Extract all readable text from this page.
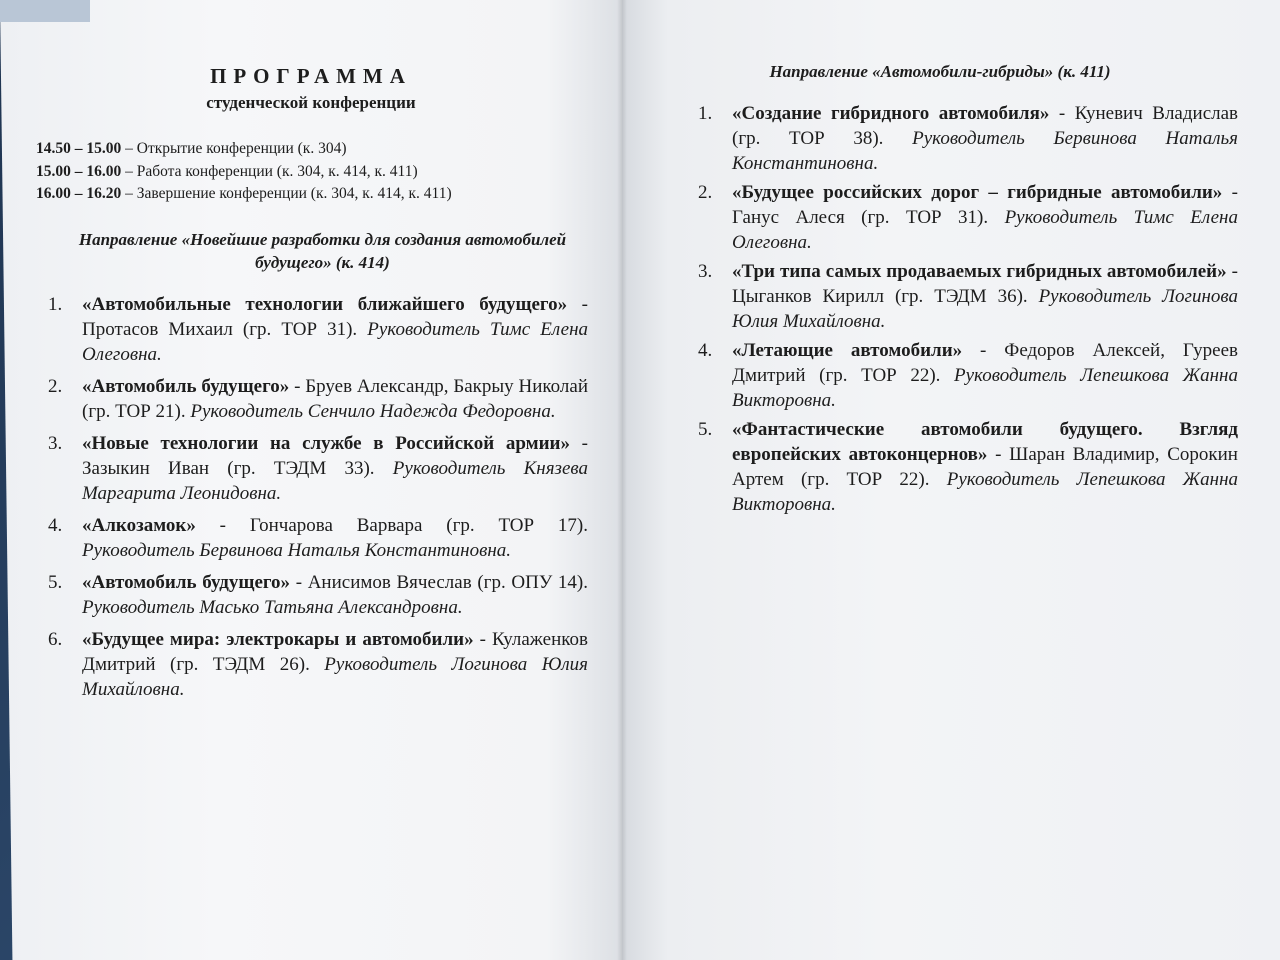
ПРОГРАММА
студенческой конференции
14.50 – 15.00 – Открытие конференции (к. 304)
15.00 – 16.00 – Работа конференции (к. 304, к. 414, к. 411)
16.00 – 16.20 – Завершение конференции (к. 304, к. 414, к. 411)
Направление «Новейшие разработки для создания автомобилей будущего» (к. 414)
1. «Автомобильные технологии ближайшего будущего» - Протасов Михаил (гр. ТОР 31). Руководитель Тимс Елена Олеговна.
2. «Автомобиль будущего» - Бруев Александр, Бакрыу Николай (гр. ТОР 21). Руководитель Сенчило Надежда Федоровна.
3. «Новые технологии на службе в Российской армии» - Зазыкин Иван (гр. ТЭДМ 33). Руководитель Князева Маргарита Леонидовна.
4. «Алкозамок» - Гончарова Варвара (гр. ТОР 17). Руководитель Бервинова Наталья Константиновна.
5. «Автомобиль будущего» - Анисимов Вячеслав (гр. ОПУ 14). Руководитель Масько Татьяна Александровна.
6. «Будущее мира: электрокары и автомобили» - Кулаженков Дмитрий (гр. ТЭДМ 26). Руководитель Логинова Юлия Михайловна.
Направление «Автомобили-гибриды» (к. 411)
1. «Создание гибридного автомобиля» - Куневич Владислав (гр. ТОР 38). Руководитель Бервинова Наталья Константиновна.
2. «Будущее российских дорог – гибридные автомобили» - Ганус Алеся (гр. ТОР 31). Руководитель Тимс Елена Олеговна.
3. «Три типа самых продаваемых гибридных автомобилей» - Цыганков Кирилл (гр. ТЭДМ 36). Руководитель Логинова Юлия Михайловна.
4. «Летающие автомобили» - Федоров Алексей, Гуреев Дмитрий (гр. ТОР 22). Руководитель Лепешкова Жанна Викторовна.
5. «Фантастические автомобили будущего. Взгляд европейских автоконцернов» - Шаран Владимир, Сорокин Артем (гр. ТОР 22). Руководитель Лепешкова Жанна Викторовна.
